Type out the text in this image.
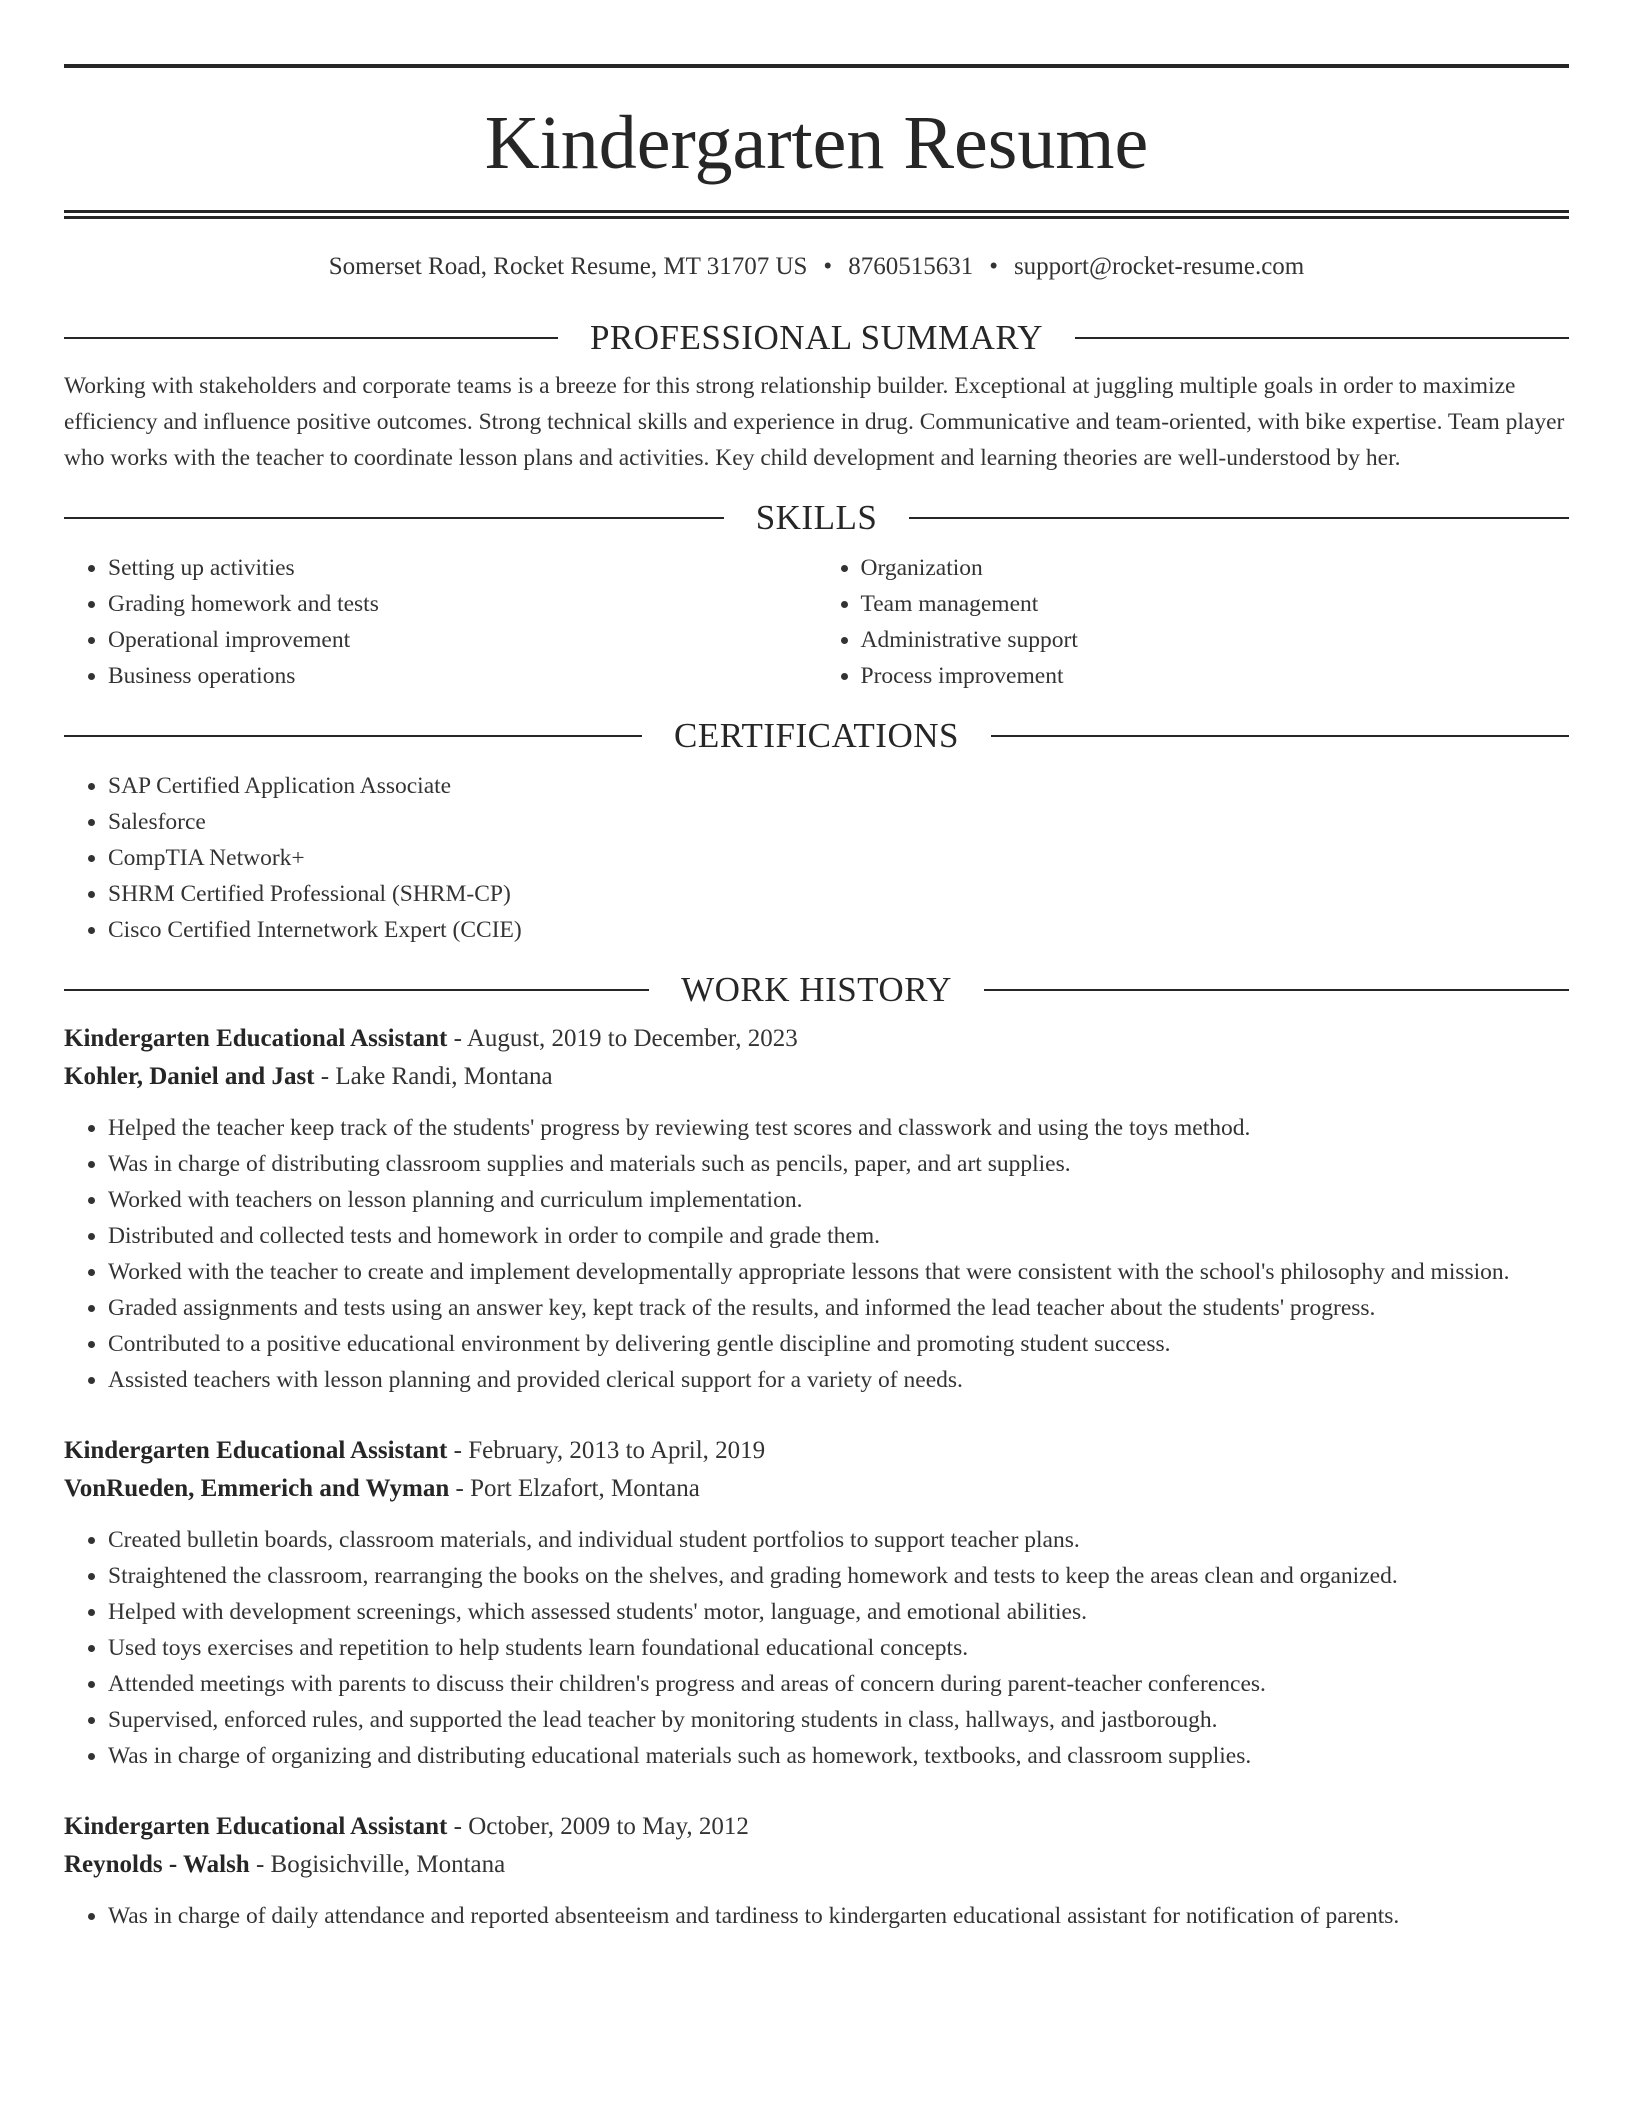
Kindergarten Resume
Somerset Road, Rocket Resume, MT 31707 US • 8760515631 • support@rocket-resume.com
PROFESSIONAL SUMMARY
Working with stakeholders and corporate teams is a breeze for this strong relationship builder. Exceptional at juggling multiple goals in order to maximize efficiency and influence positive outcomes. Strong technical skills and experience in drug. Communicative and team-oriented, with bike expertise. Team player who works with the teacher to coordinate lesson plans and activities. Key child development and learning theories are well-understood by her.
SKILLS
• Setting up activities
• Grading homework and tests
• Operational improvement
• Business operations
• Organization
• Team management
• Administrative support
• Process improvement
CERTIFICATIONS
• SAP Certified Application Associate
• Salesforce
• CompTIA Network+
• SHRM Certified Professional (SHRM-CP)
• Cisco Certified Internetwork Expert (CCIE)
WORK HISTORY
Kindergarten Educational Assistant - August, 2019 to December, 2023
Kohler, Daniel and Jast - Lake Randi, Montana
• Helped the teacher keep track of the students' progress by reviewing test scores and classwork and using the toys method.
• Was in charge of distributing classroom supplies and materials such as pencils, paper, and art supplies.
• Worked with teachers on lesson planning and curriculum implementation.
• Distributed and collected tests and homework in order to compile and grade them.
• Worked with the teacher to create and implement developmentally appropriate lessons that were consistent with the school's philosophy and mission.
• Graded assignments and tests using an answer key, kept track of the results, and informed the lead teacher about the students' progress.
• Contributed to a positive educational environment by delivering gentle discipline and promoting student success.
• Assisted teachers with lesson planning and provided clerical support for a variety of needs.
Kindergarten Educational Assistant - February, 2013 to April, 2019
VonRueden, Emmerich and Wyman - Port Elzafort, Montana
• Created bulletin boards, classroom materials, and individual student portfolios to support teacher plans.
• Straightened the classroom, rearranging the books on the shelves, and grading homework and tests to keep the areas clean and organized.
• Helped with development screenings, which assessed students' motor, language, and emotional abilities.
• Used toys exercises and repetition to help students learn foundational educational concepts.
• Attended meetings with parents to discuss their children's progress and areas of concern during parent-teacher conferences.
• Supervised, enforced rules, and supported the lead teacher by monitoring students in class, hallways, and jastborough.
• Was in charge of organizing and distributing educational materials such as homework, textbooks, and classroom supplies.
Kindergarten Educational Assistant - October, 2009 to May, 2012
Reynolds - Walsh - Bogisichville, Montana
• Was in charge of daily attendance and reported absenteeism and tardiness to kindergarten educational assistant for notification of parents.
